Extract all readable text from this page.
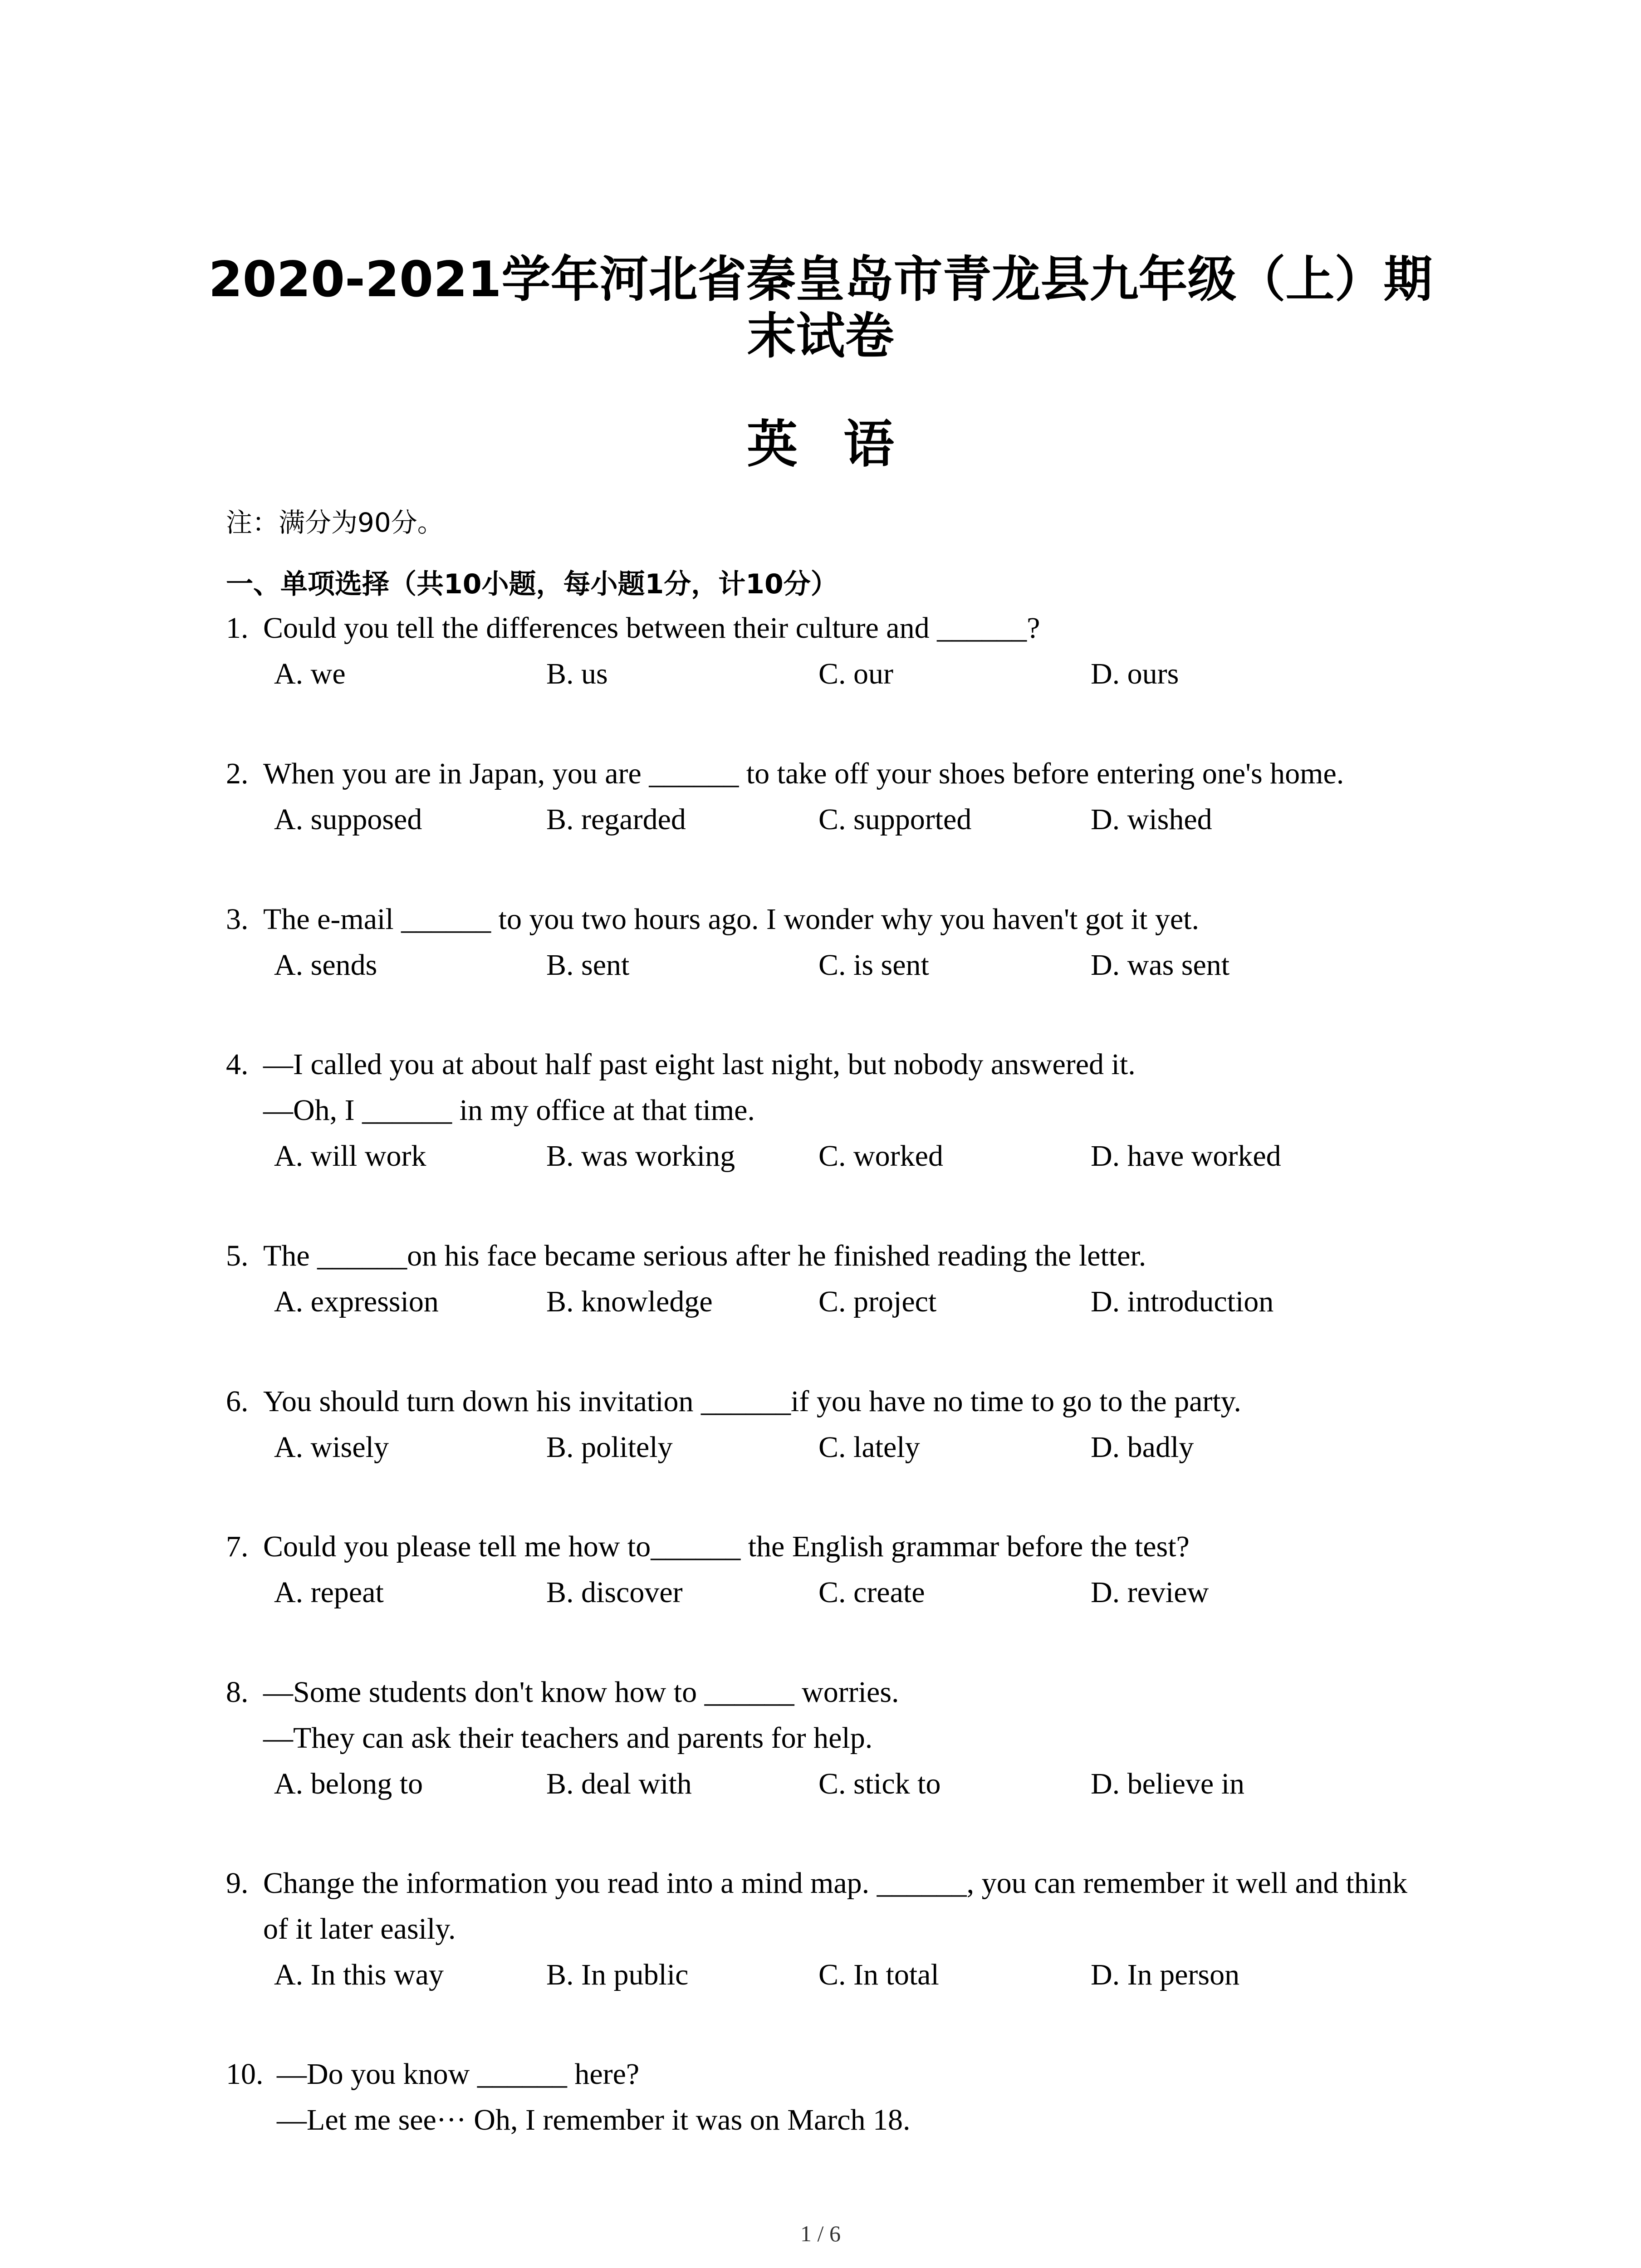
2020-2021学年河北省秦皇岛市青龙县九年级（上）期
末试卷
英语
注：满分为90分。
一、单项选择（共10小题，每小题1分，计10分）
1. Could you tell the differences between their culture and ______?
A. we	B. us	C. our	D. ours
2. When you are in Japan, you are ______ to take off your shoes before entering one's home.
A. supposed	B. regarded	C. supported	D. wished
3. The e-mail ______ to you two hours ago. I wonder why you haven't got it yet.
A. sends	B. sent	C. is sent	D. was sent
4. —I called you at about half past eight last night, but nobody answered it.
—Oh, I ______ in my office at that time.
A. will work	B. was working	C. worked	D. have worked
5. The ______on his face became serious after he finished reading the letter.
A. expression	B. knowledge	C. project	D. introduction
6. You should turn down his invitation ______if you have no time to go to the party.
A. wisely	B. politely	C. lately	D. badly
7. Could you please tell me how to______ the English grammar before the test?
A. repeat	B. discover	C. create	D. review
8. —Some students don't know how to ______ worries.
—They can ask their teachers and parents for help.
A. belong to	B. deal with	C. stick to	D. believe in
9. Change the information you read into a mind map. ______, you can remember it well and think
of it later easily.
A. In this way	B. In public	C. In total	D. In person
10. —Do you know ______ here?
—Let me see··· Oh, I remember it was on March 18.
1 / 6
